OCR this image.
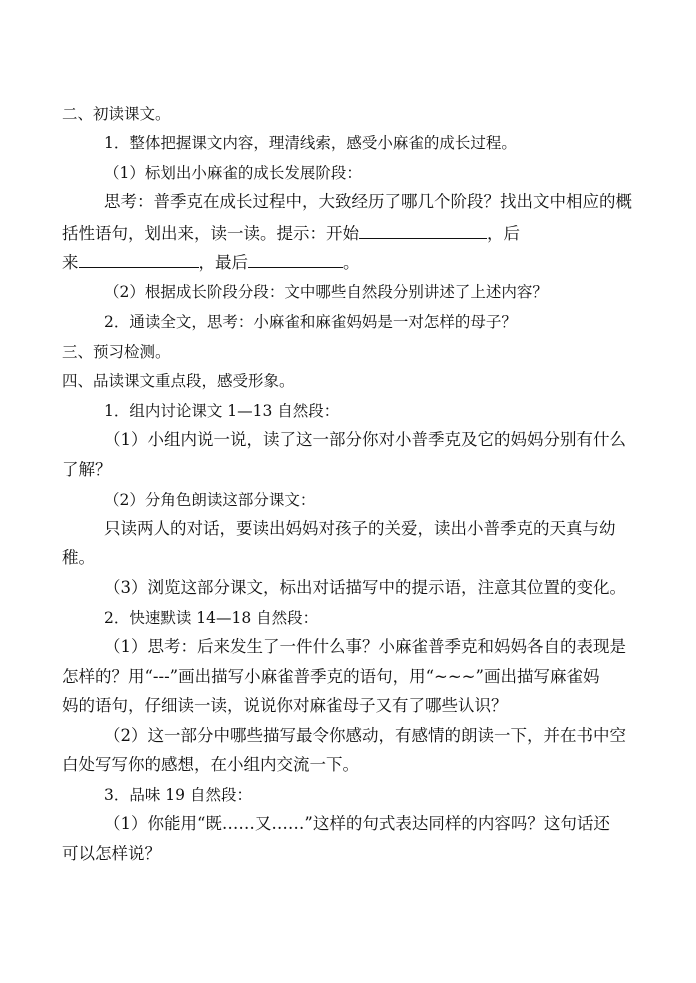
二、初读课文。
1．整体把握课文内容，理清线索，感受小麻雀的成长过程。
（1）标划出小麻雀的成长发展阶段：
思考：普季克在成长过程中，大致经历了哪几个阶段？找出文中相应的概
括性语句，划出来，读一读。提示：开始	，后
来	，最后	。
（2）根据成长阶段分段：文中哪些自然段分别讲述了上述内容？
2．通读全文，思考：小麻雀和麻雀妈妈是一对怎样的母子？
三、预习检测。
四、品读课文重点段，感受形象。
1．组内讨论课文 1—13 自然段：
（1）小组内说一说，读了这一部分你对小普季克及它的妈妈分别有什么
了解？
（2）分角色朗读这部分课文：
只读两人的对话，要读出妈妈对孩子的关爱，读出小普季克的天真与幼
稚。
（3）浏览这部分课文，标出对话描写中的提示语，注意其位置的变化。
2．快速默读 14—18 自然段：
（1）思考：后来发生了一件什么事？小麻雀普季克和妈妈各自的表现是
怎样的？用“---”画出描写小麻雀普季克的语句，用“~~~”画出描写麻雀妈
妈的语句，仔细读一读，说说你对麻雀母子又有了哪些认识？
（2）这一部分中哪些描写最令你感动，有感情的朗读一下，并在书中空
白处写写你的感想，在小组内交流一下。
3．品味 19 自然段：
（1）你能用“既……又……”这样的句式表达同样的内容吗？这句话还
可以怎样说？
